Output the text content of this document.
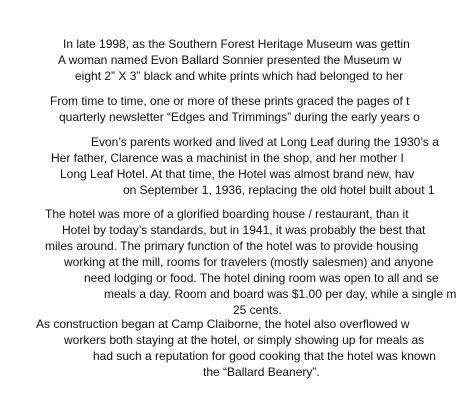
In late 1998, as the Southern Forest Heritage Museum was gettin
A woman named Evon Ballard Sonnier presented the Museum w
eight 2” X 3” black and white prints which had belonged to her
From time to time, one or more of these prints graced the pages of t
quarterly newsletter “Edges and Trimmings” during the early years o
Evon’s parents worked and lived at Long Leaf during the 1930’s a
Her father, Clarence was a machinist in the shop, and her mother I
Long Leaf Hotel. At that time, the Hotel was almost brand new, hav
on September 1, 1936, replacing the old hotel built about 1
The hotel was more of a glorified boarding house / restaurant, than it
Hotel by today’s standards, but in 1941, it was probably the best that
miles around. The primary function of the hotel was to provide housing
working at the mill, rooms for travelers (mostly salesmen) and anyone
need lodging or food. The hotel dining room was open to all and se
meals a day. Room and board was $1.00 per day, while a single m
25 cents.
As construction began at Camp Claiborne, the hotel also overflowed w
workers both staying at the hotel, or simply showing up for meals as
had such a reputation for good cooking that the hotel was known
the “Ballard Beanery”.
